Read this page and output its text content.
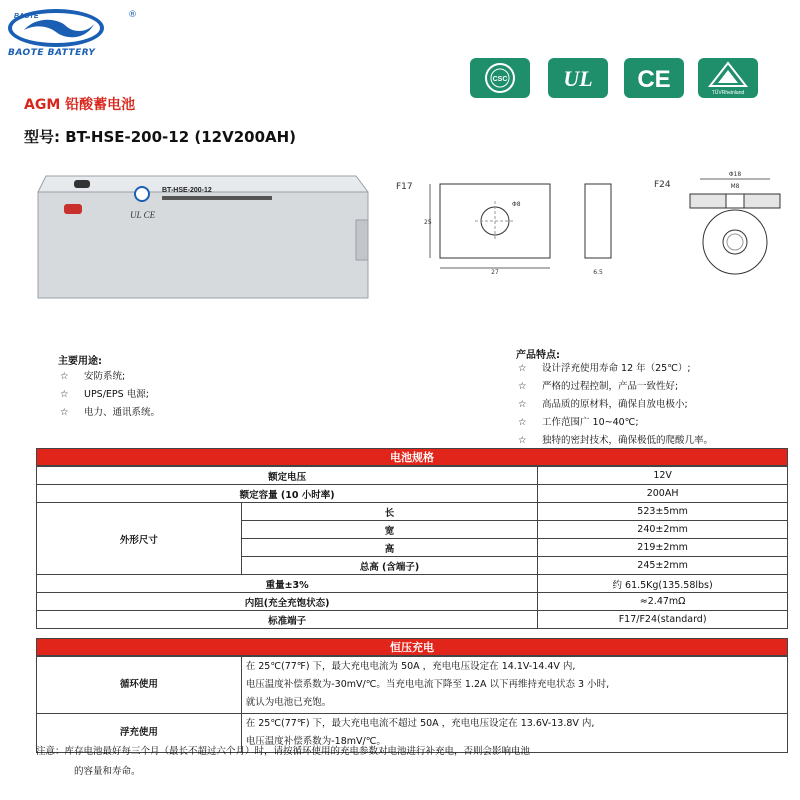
BAOTE	®
BAOTE BATTERY
CSC	UL CE	TÜVRheinland
AGM 铅酸蓄电池
型号: BT-HSE-200-12 (12V200AH)
BT-HSE-200-12
UL CE
F17
27
25
Φ8
6.5
F24
Φ18
M8
主要用途:
☆ 安防系统;
☆ UPS/EPS 电源;
☆ 电力、通讯系统。
产品特点:
☆ 设计浮充使用寿命 12 年（25℃）;
☆ 严格的过程控制，产品一致性好;
☆ 高品质的原材料，确保自放电极小;
☆ 工作范围广 10~40℃;
☆ 独特的密封技术，确保极低的爬酸几率。
电池规格
额定电压		12V
额定容量 (10 小时率)		200AH
外形尺寸	长	523±5mm
	宽	240±2mm
	高	219±2mm
	总高 (含端子)	245±2mm
重量±3%		约 61.5Kg(135.58lbs)
内阻(充全充饱状态)		≈2.47mΩ
标准端子		F17/F24(standard)
恒压充电
循环使用	在 25℃(77℉) 下，最大充电电流为 50A ，充电电压设定在 14.1V-14.4V 内,
电压温度补偿系数为-30mV/℃。当充电电流下降至 1.2A 以下再维持充电状态 3 小时,
就认为电池已充饱。

浮充使用	在 25℃(77℉) 下，最大充电电流不超过 50A ，充电电压设定在 13.6V-13.8V 内,
电压温度补偿系数为-18mV/℃。
注意：库存电池最好每三个月（最长不超过六个月）时，请按循环使用的充电参数对电池进行补充电，否则会影响电池
的容量和寿命。
